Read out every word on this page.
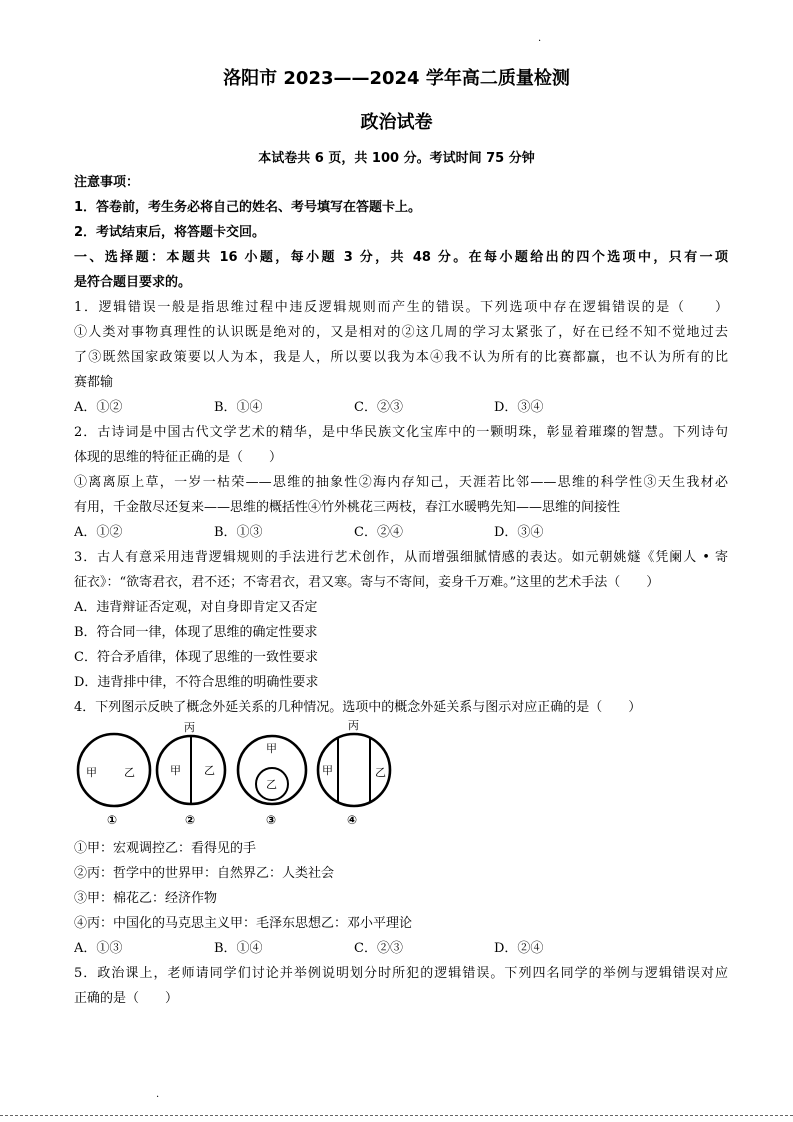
.
洛阳市 2023——2024 学年高二质量检测
政治试卷
本试卷共 6 页，共 100 分。考试时间 75 分钟
注意事项：
1．答卷前，考生务必将自己的姓名、考号填写在答题卡上。
2．考试结束后，将答题卡交回。
一、选择题：本题共 16 小题，每小题 3 分，共 48 分。在每小题给出的四个选项中，只有一项
是符合题目要求的。
1．逻辑错误一般是指思维过程中违反逻辑规则而产生的错误。下列选项中存在逻辑错误的是（　　）
①人类对事物真理性的认识既是绝对的，又是相对的②这几周的学习太紧张了，好在已经不知不觉地过去
了③既然国家政策要以人为本，我是人，所以要以我为本④我不认为所有的比赛都赢，也不认为所有的比
赛都输
A．①②	B．①④	C．②③	D．③④
2．古诗词是中国古代文学艺术的精华，是中华民族文化宝库中的一颗明珠，彰显着璀璨的智慧。下列诗句
体现的思维的特征正确的是（　　）
①离离原上草，一岁一枯荣——思维的抽象性②海内存知己，天涯若比邻——思维的科学性③天生我材必
有用，千金散尽还复来——思维的概括性④竹外桃花三两枝，春江水暖鸭先知——思维的间接性
A．①②	B．①③	C．②④	D．③④
3．古人有意采用违背逻辑规则的手法进行艺术创作，从而增强细腻情感的表达。如元朝姚燧《凭阑人 • 寄
征衣》：“欲寄君衣，君不还；不寄君衣，君又寒。寄与不寄间，妾身千万难。”这里的艺术手法（　　）
A．违背辩证否定观，对自身即肯定又否定
B．符合同一律，体现了思维的确定性要求
C．符合矛盾律，体现了思维的一致性要求
D．违背排中律，不符合思维的明确性要求
4．下列图示反映了概念外延关系的几种情况。选项中的概念外延关系与图示对应正确的是（　　）
甲 乙
①
丙
甲 乙
②
甲
乙
③
丙
甲	乙
④
①甲：宏观调控乙：看得见的手
②丙：哲学中的世界甲：自然界乙：人类社会
③甲：棉花乙：经济作物
④丙：中国化的马克思主义甲：毛泽东思想乙：邓小平理论
A．①③	B．①④	C．②③	D．②④
5．政治课上，老师请同学们讨论并举例说明划分时所犯的逻辑错误。下列四名同学的举例与逻辑错误对应
正确的是（　　）
.
